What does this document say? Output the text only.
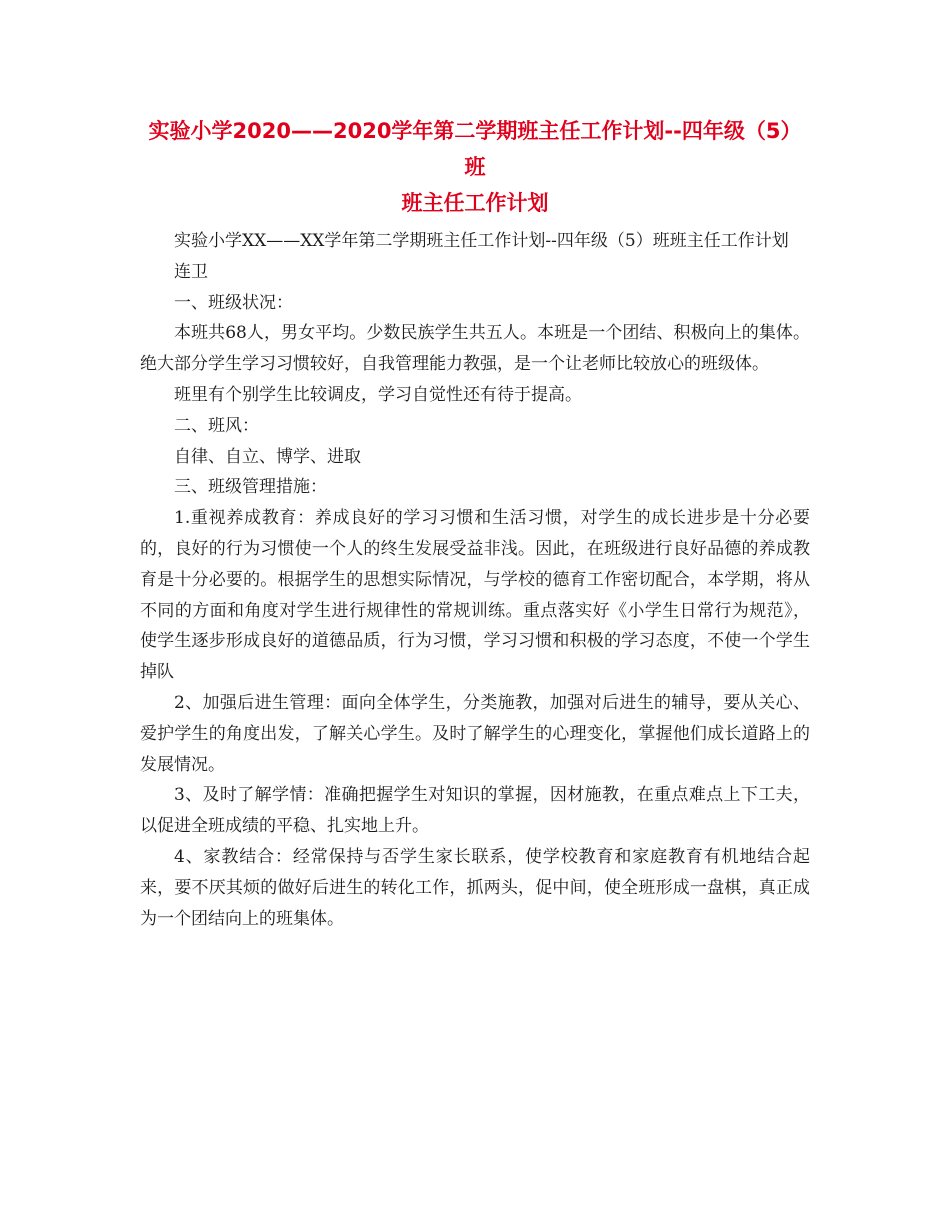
实验小学2020——2020学年第二学期班主任工作计划--四年级（5）班
班主任工作计划

实验小学XX——XX学年第二学期班主任工作计划--四年级（5）班班主任工作计划

连卫

一、班级状况：

本班共68人，男女平均。少数民族学生共五人。本班是一个团结、积极向上的集体。绝大部分学生学习习惯较好，自我管理能力教强，是一个让老师比较放心的班级体。

班里有个别学生比较调皮，学习自觉性还有待于提高。

二、班风：

自律、自立、博学、进取

三、班级管理措施：

1.重视养成教育：养成良好的学习习惯和生活习惯，对学生的成长进步是十分必要的，良好的行为习惯使一个人的终生发展受益非浅。因此，在班级进行良好品德的养成教育是十分必要的。根据学生的思想实际情况，与学校的德育工作密切配合，本学期，将从不同的方面和角度对学生进行规律性的常规训练。重点落实好《小学生日常行为规范》，使学生逐步形成良好的道德品质，行为习惯，学习习惯和积极的学习态度，不使一个学生掉队

2、加强后进生管理：面向全体学生，分类施教，加强对后进生的辅导，要从关心、爱护学生的角度出发，了解关心学生。及时了解学生的心理变化，掌握他们成长道路上的发展情况。

3、及时了解学情：准确把握学生对知识的掌握，因材施教，在重点难点上下工夫，以促进全班成绩的平稳、扎实地上升。

4、家教结合：经常保持与否学生家长联系，使学校教育和家庭教育有机地结合起来，要不厌其烦的做好后进生的转化工作，抓两头，促中间，使全班形成一盘棋，真正成为一个团结向上的班集体。
